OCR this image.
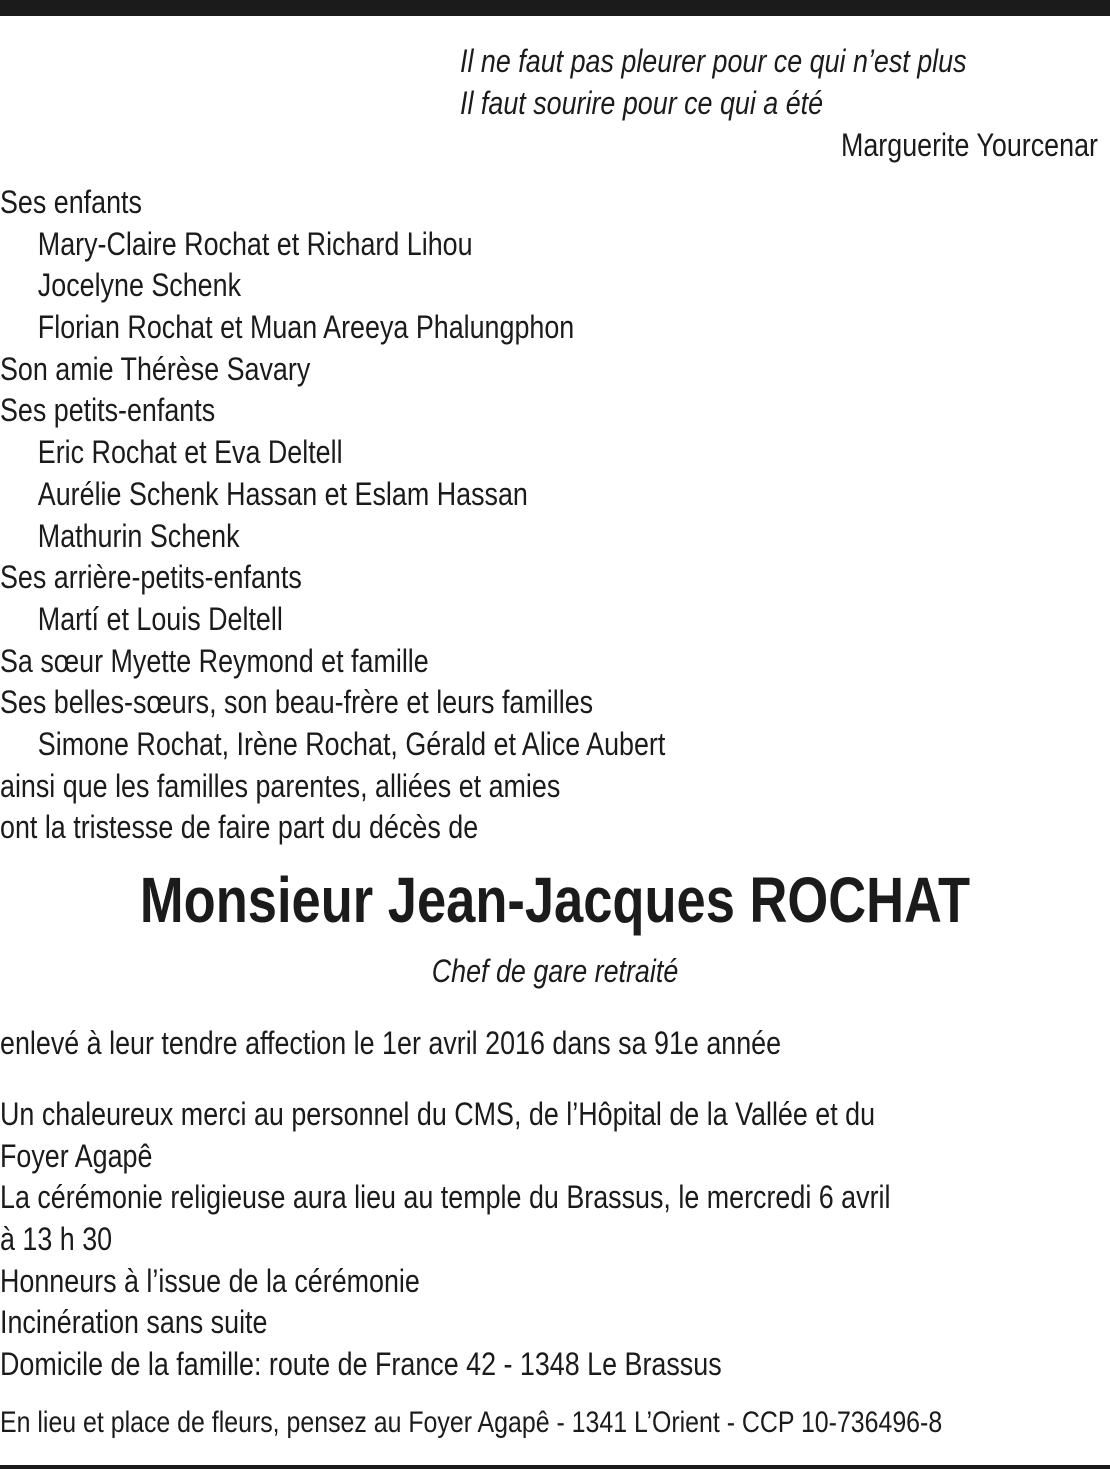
Il ne faut pas pleurer pour ce qui n’est plus
Il faut sourire pour ce qui a été
Marguerite Yourcenar
Ses enfants
Mary-Claire Rochat et Richard Lihou
Jocelyne Schenk
Florian Rochat et Muan Areeya Phalungphon
Son amie Thérèse Savary
Ses petits-enfants
Eric Rochat et Eva Deltell
Aurélie Schenk Hassan et Eslam Hassan
Mathurin Schenk
Ses arrière-petits-enfants
Martí et Louis Deltell
Sa sœur Myette Reymond et famille
Ses belles-sœurs, son beau-frère et leurs familles
Simone Rochat, Irène Rochat, Gérald et Alice Aubert
ainsi que les familles parentes, alliées et amies
ont la tristesse de faire part du décès de
Monsieur Jean-Jacques ROCHAT
Chef de gare retraité
enlevé à leur tendre affection le 1er avril 2016 dans sa 91e année
Un chaleureux merci au personnel du CMS, de l’Hôpital de la Vallée et du
Foyer Agapê
La cérémonie religieuse aura lieu au temple du Brassus, le mercredi 6 avril
à 13 h 30
Honneurs à l’issue de la cérémonie
Incinération sans suite
Domicile de la famille: route de France 42 - 1348 Le Brassus
En lieu et place de fleurs, pensez au Foyer Agapê - 1341 L’Orient - CCP 10-736496-8
